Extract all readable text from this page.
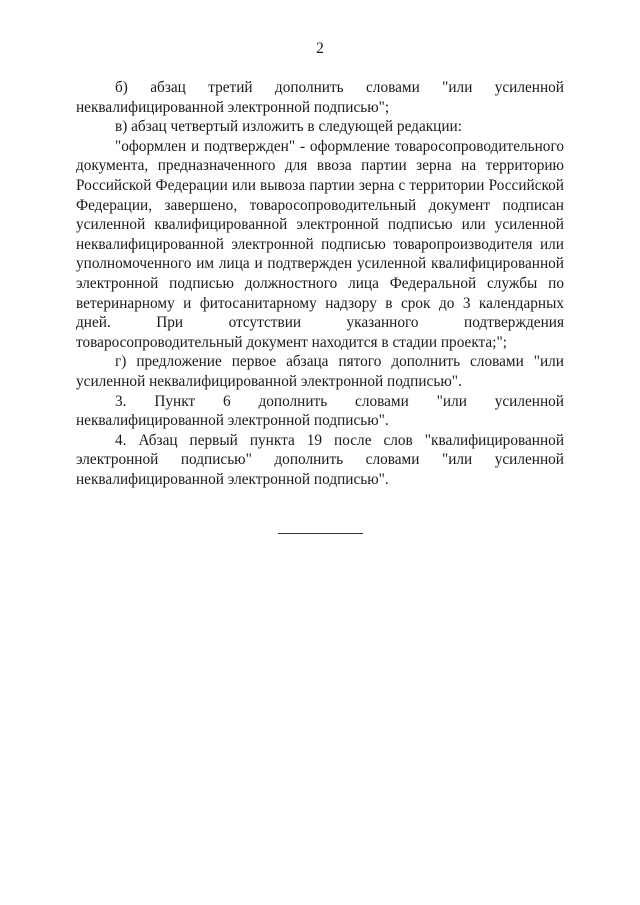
2

б) абзац третий дополнить словами "или усиленной неквалифицированной электронной подписью";

в) абзац четвертый изложить в следующей редакции:

"оформлен и подтвержден" - оформление товаросопроводительного документа, предназначенного для ввоза партии зерна на территорию Российской Федерации или вывоза партии зерна с территории Российской Федерации, завершено, товаросопроводительный документ подписан усиленной квалифицированной электронной подписью или усиленной неквалифицированной электронной подписью товаропроизводителя или уполномоченного им лица и подтвержден усиленной квалифицированной электронной подписью должностного лица Федеральной службы по ветеринарному и фитосанитарному надзору в срок до 3 календарных дней. При отсутствии указанного подтверждения товаросопроводительный документ находится в стадии проекта;";

г) предложение первое абзаца пятого дополнить словами "или усиленной неквалифицированной электронной подписью".

3. Пункт 6 дополнить словами "или усиленной неквалифицированной электронной подписью".

4. Абзац первый пункта 19 после слов "квалифицированной электронной подписью" дополнить словами "или усиленной неквалифицированной электронной подписью".
